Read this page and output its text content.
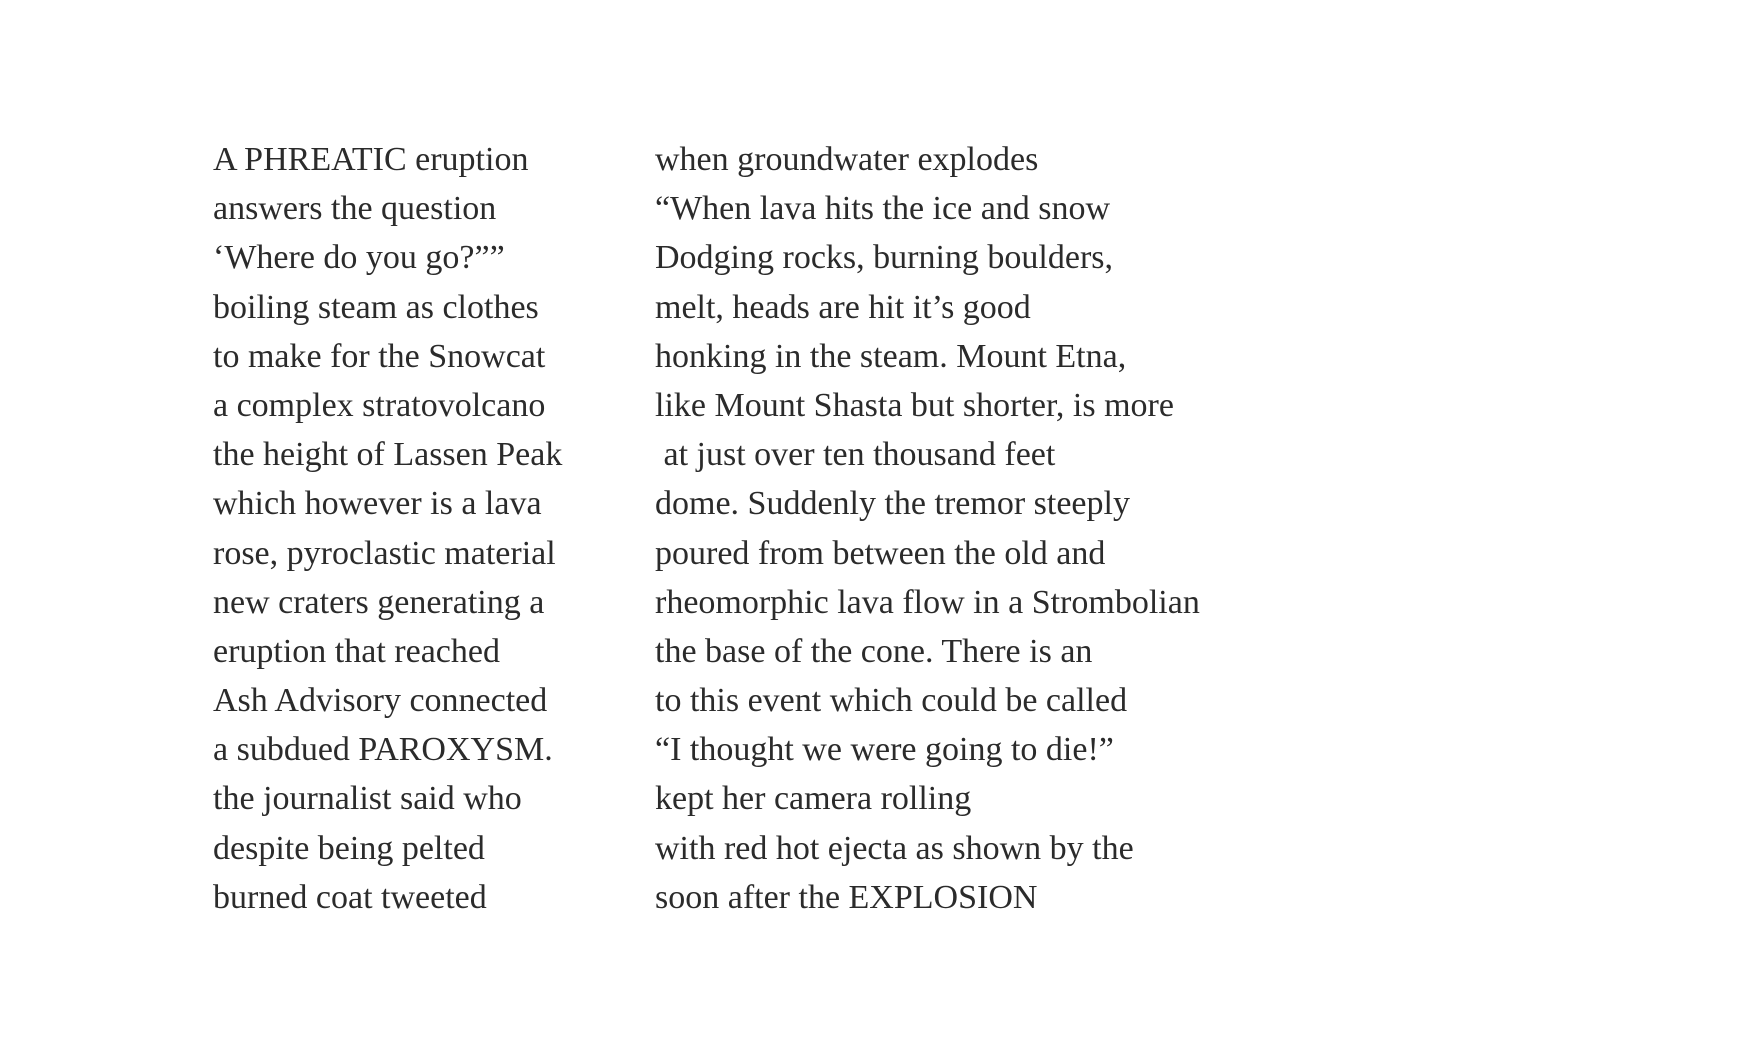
A PHREATIC eruption
answers the question
‘Where do you go?””
boiling steam as clothes
to make for the Snowcat
a complex stratovolcano
the height of Lassen Peak
which however is a lava
rose, pyroclastic material
new craters generating a
eruption that reached
Ash Advisory connected
a subdued PAROXYSM.
the journalist said who
despite being pelted
burned coat tweeted
when groundwater explodes
“When lava hits the ice and snow
Dodging rocks, burning boulders,
melt, heads are hit it’s good
honking in the steam. Mount Etna,
like Mount Shasta but shorter, is more
at just over ten thousand feet
dome. Suddenly the tremor steeply
poured from between the old and
rheomorphic lava flow in a Strombolian
the base of the cone. There is an
to this event which could be called
“I thought we were going to die!”
kept her camera rolling
with red hot ejecta as shown by the
soon after the EXPLOSION
